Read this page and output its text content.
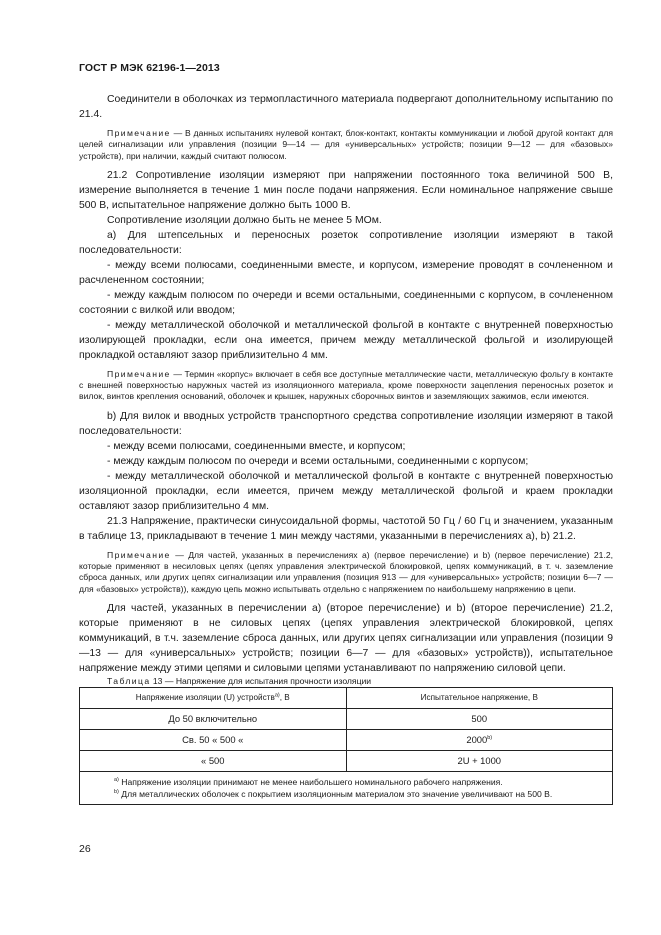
ГОСТ Р МЭК 62196-1—2013

Соединители в оболочках из термопластичного материала подвергают дополнительному испытанию по 21.4.

Примечание — В данных испытаниях нулевой контакт, блок-контакт, контакты коммуникации и любой другой контакт для целей сигнализации или управления (позиции 9—14 — для «универсальных» устройств; позиции 9—12 — для «базовых» устройств), при наличии, каждый считают полюсом.

21.2 Сопротивление изоляции измеряют при напряжении постоянного тока величиной 500 В, измерение выполняется в течение 1 мин после подачи напряжения. Если номинальное напряжение свыше 500 В, испытательное напряжение должно быть 1000 В.

Сопротивление изоляции должно быть не менее 5 МОм.

а) Для штепсельных и переносных розеток сопротивление изоляции измеряют в такой последовательности:

- между всеми полюсами, соединенными вместе, и корпусом, измерение проводят в сочлененном и расчлененном состоянии;

- между каждым полюсом по очереди и всеми остальными, соединенными с корпусом, в сочлененном состоянии с вилкой или вводом;

- между металлической оболочкой и металлической фольгой в контакте с внутренней поверхностью изолирующей прокладки, если она имеется, причем между металлической фольгой и изолирующей прокладкой оставляют зазор приблизительно 4 мм.

Примечание — Термин «корпус» включает в себя все доступные металлические части, металлическую фольгу в контакте с внешней поверхностью наружных частей из изоляционного материала, кроме поверхности зацепления переносных розеток и вилок, винтов крепления оснований, оболочек и крышек, наружных сборочных винтов и заземляющих зажимов, если имеются.

b) Для вилок и вводных устройств транспортного средства сопротивление изоляции измеряют в такой последовательности:

- между всеми полюсами, соединенными вместе, и корпусом;

- между каждым полюсом по очереди и всеми остальными, соединенными с корпусом;

- между металлической оболочкой и металлической фольгой в контакте с внутренней поверхностью изоляционной прокладки, если имеется, причем между металлической фольгой и краем прокладки оставляют зазор приблизительно 4 мм.

21.3 Напряжение, практически синусоидальной формы, частотой 50 Гц / 60 Гц и значением, указанным в таблице 13, прикладывают в течение 1 мин между частями, указанными в перечислениях а), b) 21.2.

Примечание — Для частей, указанных в перечислениях а) (первое перечисление) и b) (первое перечисление) 21.2, которые применяют в несиловых цепях (цепях управления электрической блокировкой, цепях коммуникаций, в т. ч. заземление сброса данных, или других цепях сигнализации или управления (позиция 913 — для «универсальных» устройств; позиции 6—7 — для «базовых» устройств)), каждую цепь можно испытывать отдельно с напряжением по наибольшему напряжению в цепи.

Для частей, указанных в перечислении а) (второе перечисление) и b) (второе перечисление) 21.2, которые применяют в не силовых цепях (цепях управления электрической блокировкой, цепях коммуникаций, в т.ч. заземление сброса данных, или других цепях сигнализации или управления (позиции 9—13 — для «универсальных» устройств; позиции 6—7 — для «базовых» устройств)), испытательное напряжение между этими цепями и силовыми цепями устанавливают по напряжению силовой цепи.

Таблица 13 — Напряжение для испытания прочности изоляции

Напряжение изоляции (U) устройств$^{а)}$, В	Испытательное напряжение, В
До 50 включительно	500
Св. 50 « 500 «	2000$^{b)}$
« 500	2U + 1000

$^{а)}$ Напряжение изоляции принимают не менее наибольшего номинального рабочего напряжения.
$^{b)}$ Для металлических оболочек с покрытием изоляционным материалом это значение увеличивают на 500 В.	
26
